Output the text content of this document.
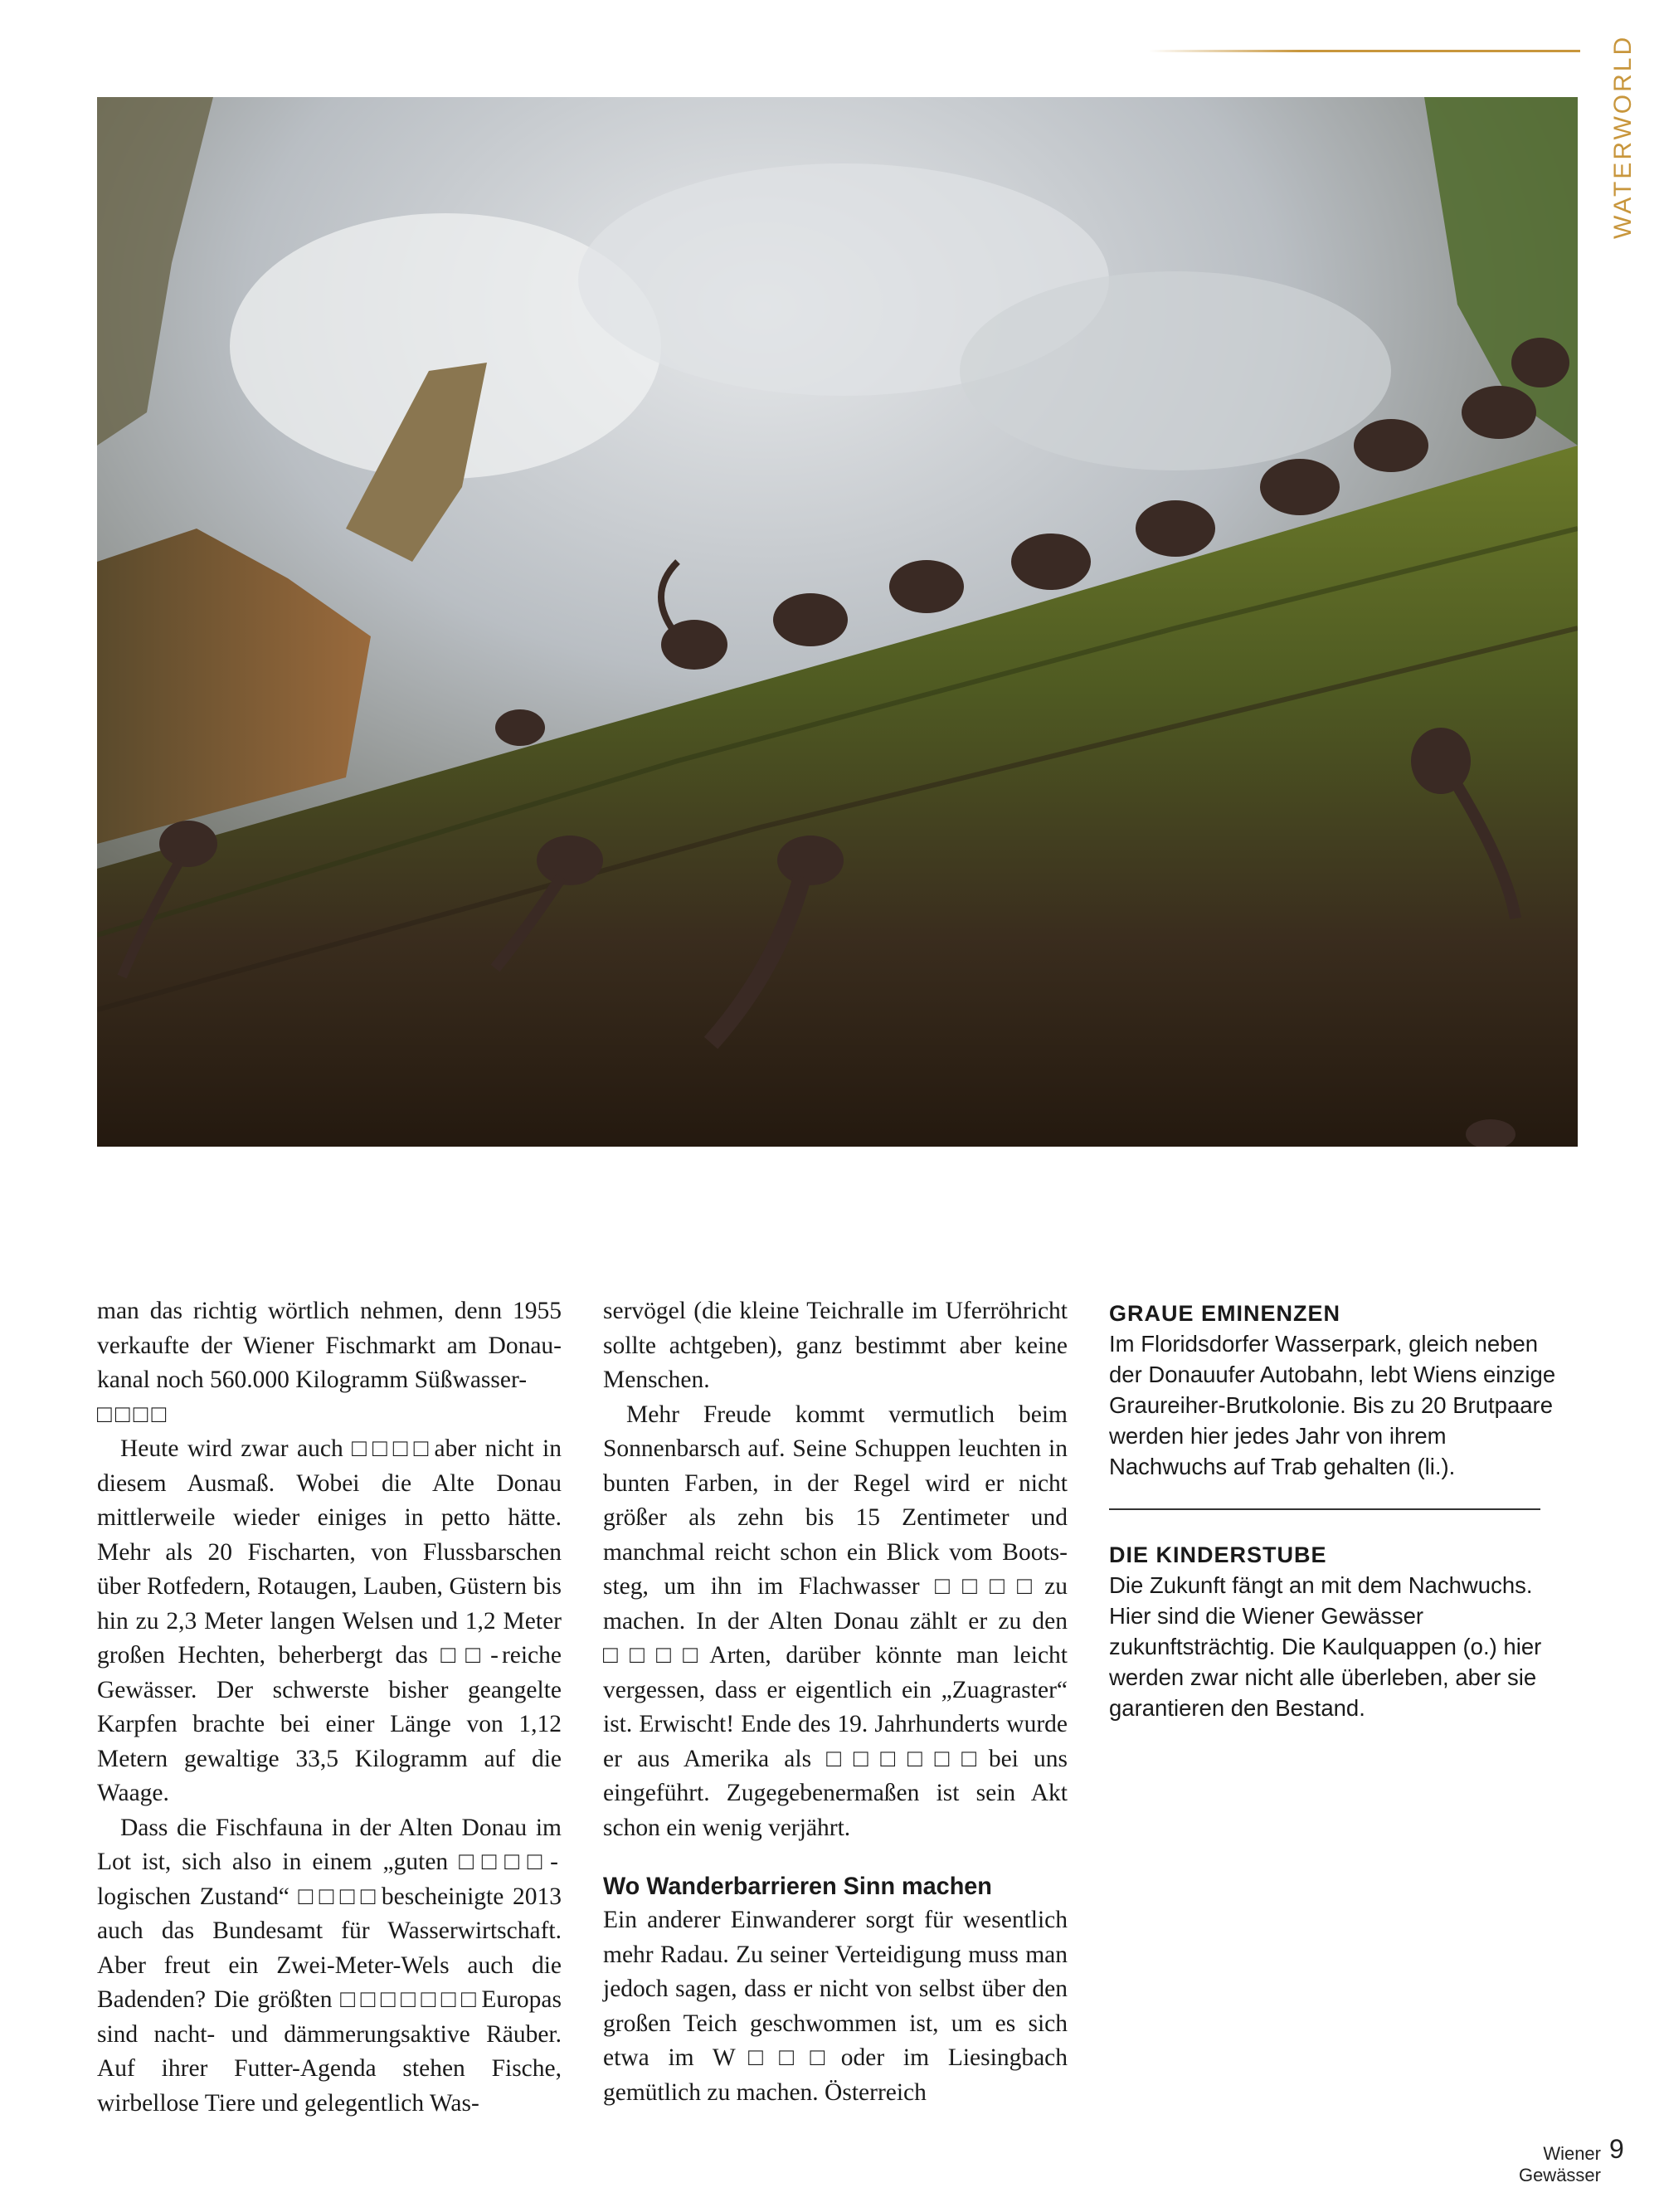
WATERWORLD

man das richtig wörtlich nehmen, denn 1955 verkaufte der Wiener Fischmarkt am Donaukanal noch 560.000 Kilogramm Süßwasser-
□□□□

Heute wird zwar auch □□□□aber nicht in diesem Ausmaß. Wobei die Alte Donau mittlerweile wieder einiges in petto hätte. Mehr als 20 Fischarten, von Flussbarschen über Rotfedern, Rotaugen, Lauben, Güstern bis hin zu 2,3 Meter langen Welsen und 1,2 Meter großen Hechten, beherbergt das □□-reiche Gewässer. Der schwerste bisher geangelte Karpfen brachte bei einer Länge von 1,12 Metern gewaltige 33,5 Kilogramm auf die Waage.

Dass die Fischfauna in der Alten Donau im Lot ist, sich also in einem „guten □□□□-logischen Zustand“ □□□□bescheinigte 2013 auch das Bundesamt für Wasserwirtschaft. Aber freut ein Zwei-Meter-Wels auch die Badenden? Die größten □□□□□□□Europas sind nacht- und dämmerungsaktive Räuber. Auf ihrer Futter-Agenda stehen Fische, wirbellose Tiere und gelegentlich Was-

servögel (die kleine Teichralle im Uferröhricht sollte achtgeben), ganz bestimmt aber keine Menschen.

Mehr Freude kommt vermutlich beim Sonnenbarsch auf. Seine Schuppen leuchten in bunten Farben, in der Regel wird er nicht größer als zehn bis 15 Zentimeter und manchmal reicht schon ein Blick vom Bootssteg, um ihn im Flachwasser □□□□zu machen. In der Alten Donau zählt er zu den □□□□Arten, darüber könnte man leicht vergessen, dass er eigentlich ein „Zuagraster“ ist. Erwischt! Ende des 19. Jahrhunderts wurde er aus Amerika als □□□□□□bei uns eingeführt. Zugegebenermaßen ist sein Akt schon ein wenig verjährt.

Wo Wanderbarrieren Sinn machen

Ein anderer Einwanderer sorgt für wesentlich mehr Radau. Zu seiner Verteidigung muss man jedoch sagen, dass er nicht von selbst über den großen Teich geschwommen ist, um es sich etwa im W□□□oder im Liesingbach gemütlich zu machen. Österreich

GRAUE EMINENZEN

Im Floridsdorfer Wasserpark, gleich neben der Donauufer Autobahn, lebt Wiens einzige Graureiher-Brutkolonie. Bis zu 20 Brutpaare werden hier jedes Jahr von ihrem Nachwuchs auf Trab gehalten (li.).

DIE KINDERSTUBE

Die Zukunft fängt an mit dem Nachwuchs. Hier sind die Wiener Gewässer zukunftsträchtig. Die Kaulquappen (o.) hier werden zwar nicht alle überleben, aber sie garantieren den Bestand.

Wiener Gewässer
9
